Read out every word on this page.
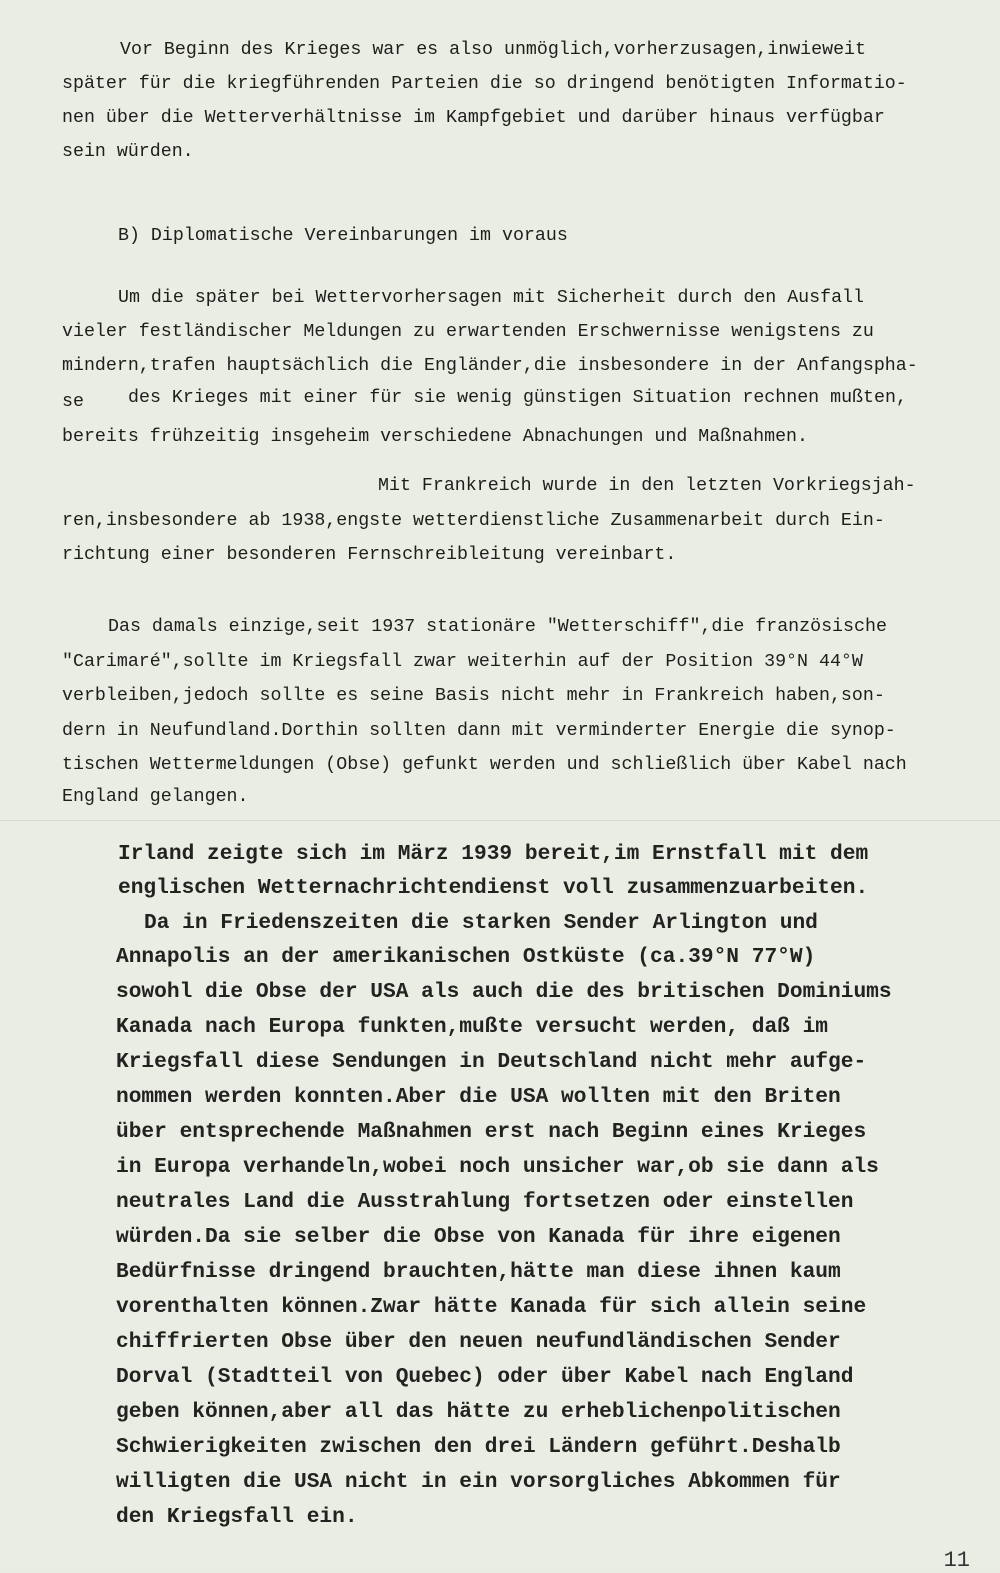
Vor Beginn des Krieges war es also unmöglich,vorherzusagen,inwieweit
später für die kriegführenden Parteien die so dringend benötigten Informatio-
nen über die Wetterverhältnisse im Kampfgebiet und darüber hinaus verfügbar
sein würden.
B) Diplomatische Vereinbarungen im voraus
Um die später bei Wettervorhersagen mit Sicherheit durch den Ausfall
vieler festländischer Meldungen zu erwartenden Erschwernisse wenigstens zu
mindern,trafen hauptsächlich die Engländer,die insbesondere in der Anfangspha-
se des Krieges mit einer für sie wenig günstigen Situation rechnen mußten,
bereits frühzeitig insgeheim verschiedene Abnachungen und Maßnahmen.
Mit Frankreich wurde in den letzten Vorkriegsjah-
ren,insbesondere ab 1938,engste wetterdienstliche Zusammenarbeit durch Ein-
richtung einer besonderen Fernschreibleitung vereinbart.
Das damals einzige,seit 1937 stationäre "Wetterschiff",die französische
"Carimaré",sollte im Kriegsfall zwar weiterhin auf der Position 39°N 44°W
verbleiben,jedoch sollte es seine Basis nicht mehr in Frankreich haben,son-
dern in Neufundland.Dorthin sollten dann mit verminderter Energie die synop-
tischen Wettermeldungen (Obse) gefunkt werden und schließlich über Kabel nach
England gelangen.
Irland zeigte sich im März 1939 bereit,im Ernstfall mit dem
englischen Wetternachrichtendienst voll zusammenzuarbeiten.
Da in Friedenszeiten die starken Sender Arlington und
Annapolis an der amerikanischen Ostküste (ca.39°N 77°W)
sowohl die Obse der USA als auch die des britischen Dominiums
Kanada nach Europa funkten,mußte versucht werden, daß im
Kriegsfall diese Sendungen in Deutschland nicht mehr aufge-
nommen werden konnten.Aber die USA wollten mit den Briten
über entsprechende Maßnahmen erst nach Beginn eines Krieges
in Europa verhandeln,wobei noch unsicher war,ob sie dann als
neutrales Land die Ausstrahlung fortsetzen oder einstellen
würden.Da sie selber die Obse von Kanada für ihre eigenen
Bedürfnisse dringend brauchten,hätte man diese ihnen kaum
vorenthalten können.Zwar hätte Kanada für sich allein seine
chiffrierten Obse über den neuen neufundländischen Sender
Dorval (Stadtteil von Quebec) oder über Kabel nach England
geben können,aber all das hätte zu erheblichenpolitischen
Schwierigkeiten zwischen den drei Ländern geführt.Deshalb
willigten die USA nicht in ein vorsorgliches Abkommen für
den Kriegsfall ein.
11
